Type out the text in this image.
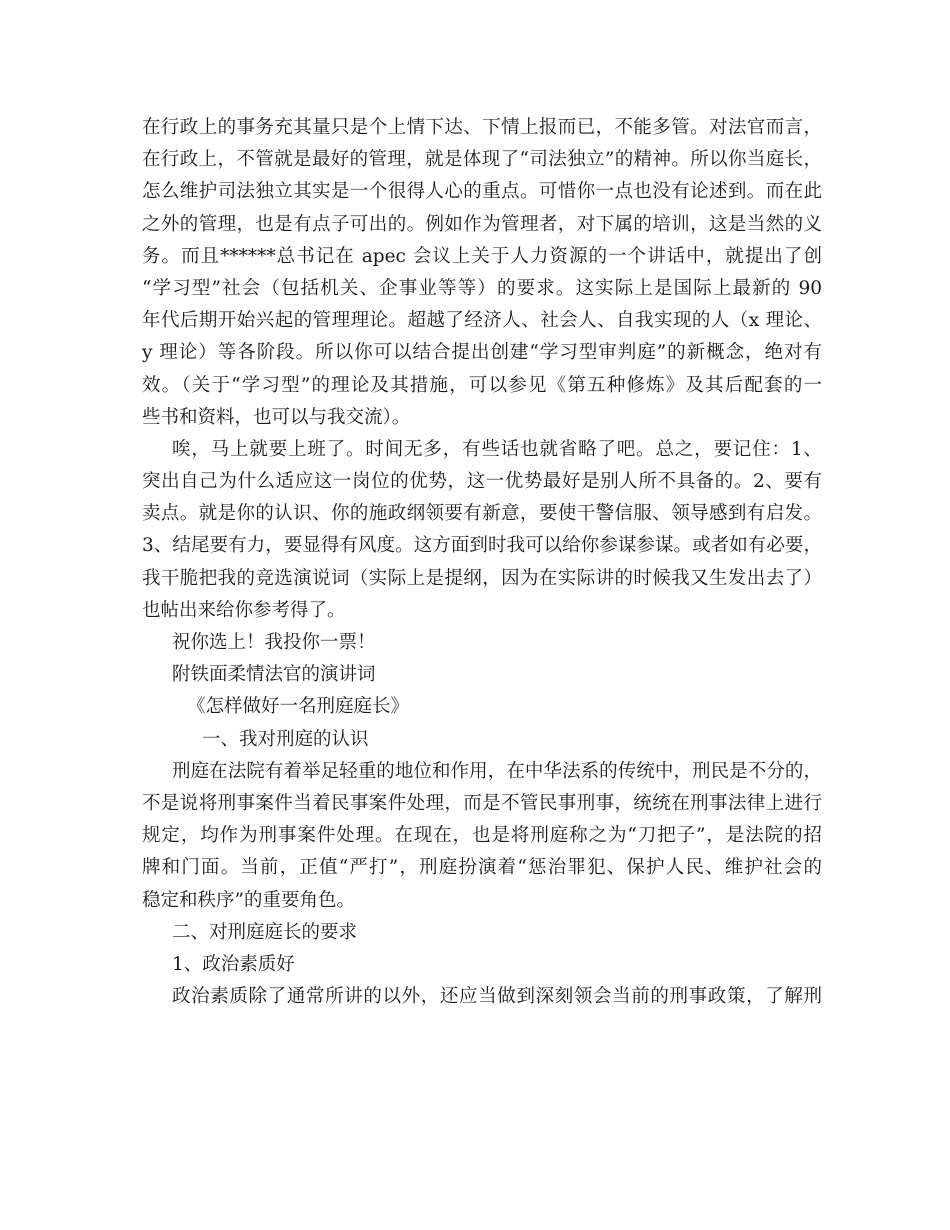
在行政上的事务充其量只是个上情下达、下情上报而已，不能多管。对法官而言，
在行政上，不管就是最好的管理，就是体现了“司法独立”的精神。所以你当庭长，
怎么维护司法独立其实是一个很得人心的重点。可惜你一点也没有论述到。而在此
之外的管理，也是有点子可出的。例如作为管理者，对下属的培训，这是当然的义
务。而且******总书记在 apec 会议上关于人力资源的一个讲话中，就提出了创
“学习型”社会（包括机关、企事业等等）的要求。这实际上是国际上最新的 90
年代后期开始兴起的管理理论。超越了经济人、社会人、自我实现的人（x 理论、
y 理论）等各阶段。所以你可以结合提出创建“学习型审判庭”的新概念，绝对有
效。（关于“学习型”的理论及其措施，可以参见《第五种修炼》及其后配套的一
些书和资料，也可以与我交流）。
唉，马上就要上班了。时间无多，有些话也就省略了吧。总之，要记住：1、
突出自己为什么适应这一岗位的优势，这一优势最好是别人所不具备的。2、要有
卖点。就是你的认识、你的施政纲领要有新意，要使干警信服、领导感到有启发。
3、结尾要有力，要显得有风度。这方面到时我可以给你参谋参谋。或者如有必要，
我干脆把我的竞选演说词（实际上是提纲，因为在实际讲的时候我又生发出去了）
也帖出来给你参考得了。
祝你选上！我投你一票！
附铁面柔情法官的演讲词
《怎样做好一名刑庭庭长》
一、我对刑庭的认识
刑庭在法院有着举足轻重的地位和作用，在中华法系的传统中，刑民是不分的，
不是说将刑事案件当着民事案件处理，而是不管民事刑事，统统在刑事法律上进行
规定，均作为刑事案件处理。在现在，也是将刑庭称之为“刀把子”，是法院的招
牌和门面。当前，正值“严打”，刑庭扮演着“惩治罪犯、保护人民、维护社会的
稳定和秩序”的重要角色。
二、对刑庭庭长的要求
1、政治素质好
政治素质除了通常所讲的以外，还应当做到深刻领会当前的刑事政策，了解刑
